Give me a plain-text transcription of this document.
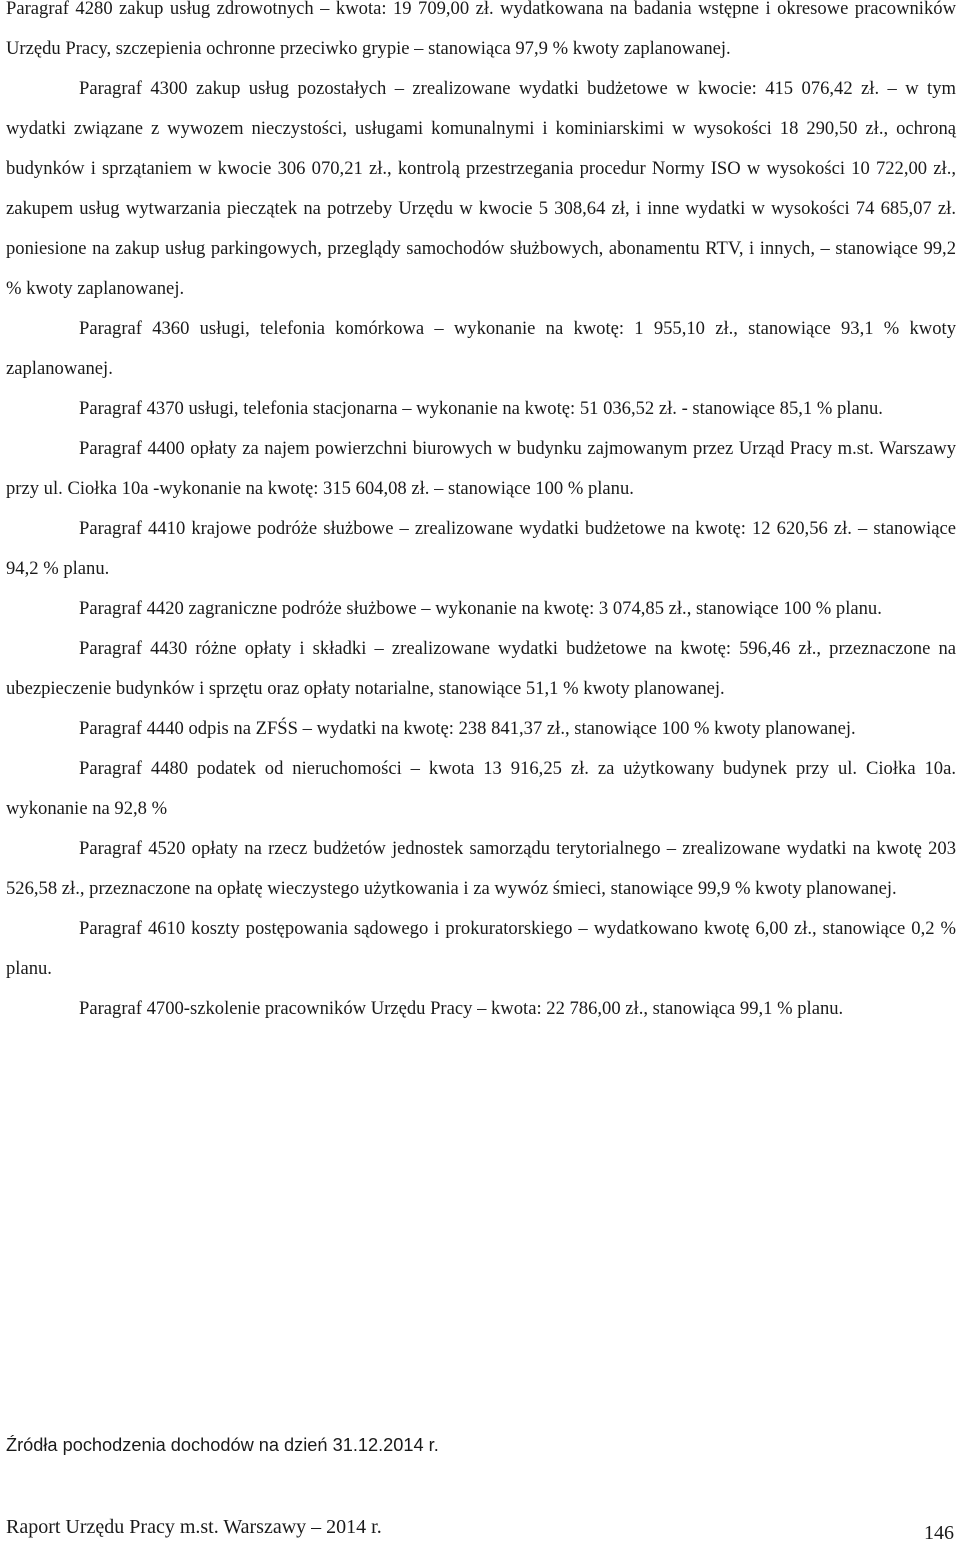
Paragraf 4280 zakup usług zdrowotnych – kwota: 19 709,00 zł. wydatkowana na badania wstępne i okresowe pracowników Urzędu Pracy, szczepienia ochronne przeciwko grypie – stanowiąca 97,9 % kwoty zaplanowanej.

Paragraf 4300 zakup usług pozostałych – zrealizowane wydatki budżetowe w kwocie: 415 076,42 zł. – w tym wydatki związane z wywozem nieczystości, usługami komunalnymi i kominiarskimi w wysokości 18 290,50 zł., ochroną budynków i sprzątaniem w kwocie 306 070,21 zł., kontrolą przestrzegania procedur Normy ISO w wysokości 10 722,00 zł., zakupem usług wytwarzania pieczątek na potrzeby Urzędu w kwocie 5 308,64 zł, i inne wydatki w wysokości 74 685,07 zł. poniesione na zakup usług parkingowych, przeglądy samochodów służbowych, abonamentu RTV, i innych, – stanowiące 99,2 % kwoty zaplanowanej.

Paragraf 4360 usługi, telefonia komórkowa – wykonanie na kwotę: 1 955,10 zł., stanowiące 93,1 % kwoty zaplanowanej.

Paragraf 4370 usługi, telefonia stacjonarna – wykonanie na kwotę: 51 036,52 zł. - stanowiące 85,1 % planu.

Paragraf 4400 opłaty za najem powierzchni biurowych w budynku zajmowanym przez Urząd Pracy m.st. Warszawy przy ul. Ciołka 10a -wykonanie na kwotę: 315 604,08 zł. – stanowiące 100 % planu.

Paragraf 4410 krajowe podróże służbowe – zrealizowane wydatki budżetowe na kwotę: 12 620,56 zł. – stanowiące 94,2 % planu.

Paragraf 4420 zagraniczne podróże służbowe – wykonanie na kwotę: 3 074,85 zł., stanowiące 100 % planu.

Paragraf 4430 różne opłaty i składki – zrealizowane wydatki budżetowe na kwotę: 596,46 zł., przeznaczone na ubezpieczenie budynków i sprzętu oraz opłaty notarialne, stanowiące 51,1 % kwoty planowanej.

Paragraf 4440 odpis na ZFŚS – wydatki na kwotę: 238 841,37 zł., stanowiące 100 % kwoty planowanej.

Paragraf 4480 podatek od nieruchomości – kwota 13 916,25 zł. za użytkowany budynek przy ul. Ciołka 10a. wykonanie na 92,8 %

Paragraf 4520 opłaty na rzecz budżetów jednostek samorządu terytorialnego – zrealizowane wydatki na kwotę 203 526,58 zł., przeznaczone na opłatę wieczystego użytkowania i za wywóz śmieci, stanowiące 99,9 % kwoty planowanej.

Paragraf 4610 koszty postępowania sądowego i prokuratorskiego – wydatkowano kwotę 6,00 zł., stanowiące 0,2 % planu.

Paragraf 4700-szkolenie pracowników Urzędu Pracy – kwota: 22 786,00 zł., stanowiąca 99,1 % planu.

Źródła pochodzenia dochodów na dzień 31.12.2014 r.
Raport Urzędu Pracy m.st. Warszawy – 2014 r.	146
